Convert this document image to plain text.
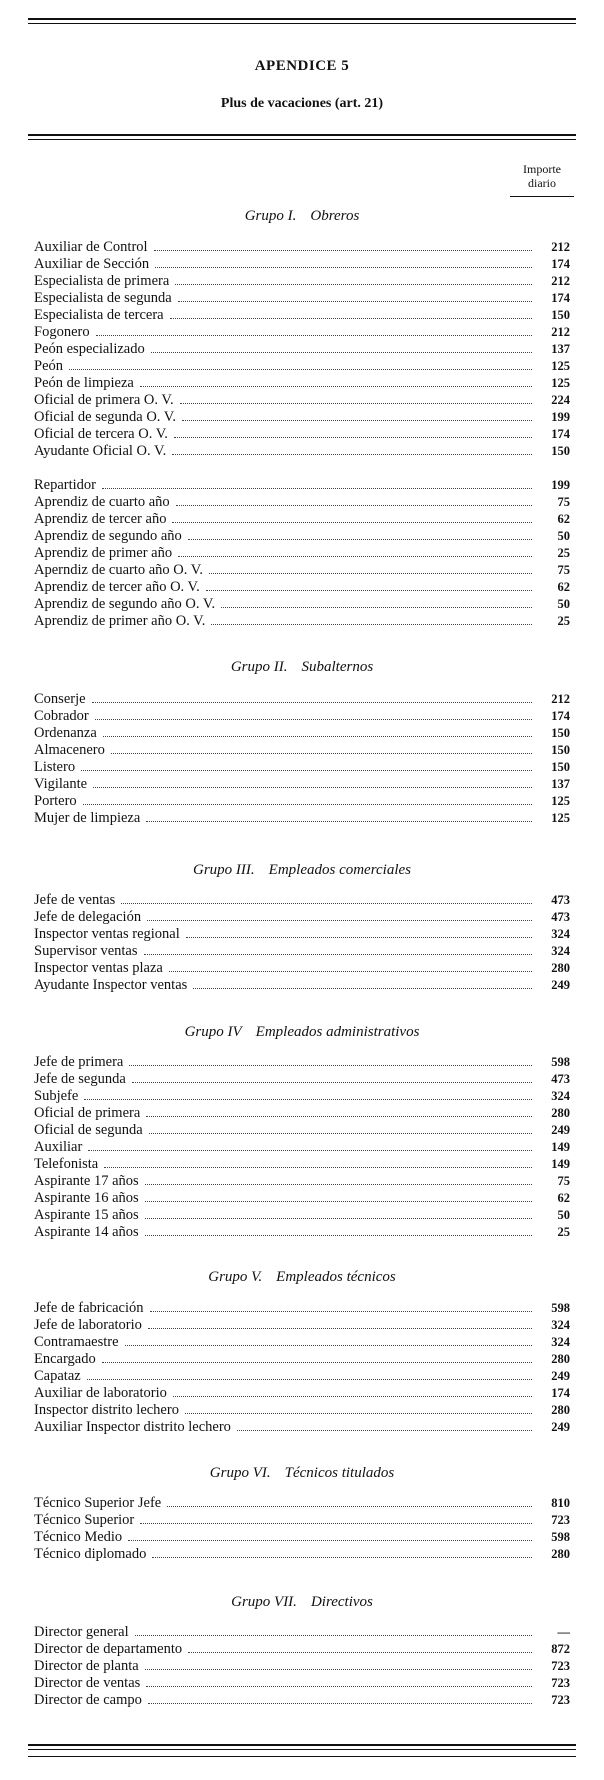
APENDICE 5
Plus de vacaciones (art. 21)
Importe diario
Grupo I. Obreros
Auxiliar de Control	212
Auxiliar de Sección	174
Especialista de primera	212
Especialista de segunda	174
Especialista de tercera	150
Fogonero	212
Peón especializado	137
Peón	125
Peón de limpieza	125
Oficial de primera O. V.	224
Oficial de segunda O. V.	199
Oficial de tercera O. V.	174
Ayudante Oficial O. V.	150
Repartidor	199
Aprendiz de cuarto año	75
Aprendiz de tercer año	62
Aprendiz de segundo año	50
Aprendiz de primer año	25
Aperndiz de cuarto año O. V.	75
Aprendiz de tercer año O. V.	62
Aprendiz de segundo año O. V.	50
Aprendiz de primer año O. V.	25
Grupo II. Subalternos
Conserje	212
Cobrador	174
Ordenanza	150
Almacenero	150
Listero	150
Vigilante	137
Portero	125
Mujer de limpieza	125
Grupo III. Empleados comerciales
Jefe de ventas	473
Jefe de delegación	473
Inspector ventas regional	324
Supervisor ventas	324
Inspector ventas plaza	280
Ayudante Inspector ventas	249
Grupo IV Empleados administrativos
Jefe de primera	598
Jefe de segunda	473
Subjefe	324
Oficial de primera	280
Oficial de segunda	249
Auxiliar	149
Telefonista	149
Aspirante 17 años	75
Aspirante 16 años	62
Aspirante 15 años	50
Aspirante 14 años	25
Grupo V. Empleados técnicos
Jefe de fabricación	598
Jefe de laboratorio	324
Contramaestre	324
Encargado	280
Capataz	249
Auxiliar de laboratorio	174
Inspector distrito lechero	280
Auxiliar Inspector distrito lechero	249
Grupo VI. Técnicos titulados
Técnico Superior Jefe	810
Técnico Superior	723
Técnico Medio	598
Técnico diplomado	280
Grupo VII. Directivos
Director general	—
Director de departamento	872
Director de planta	723
Director de ventas	723
Director de campo	723
